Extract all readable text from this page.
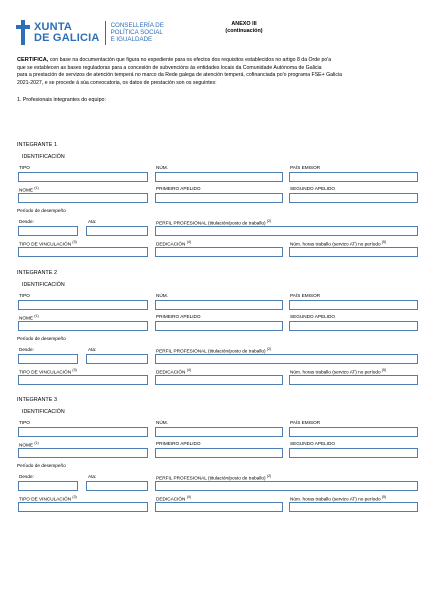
XUNTA
DE GALICIA
CONSELLERÍA DE
POLÍTICA SOCIAL
E IGUALDADE
ANEXO III
(continuación)
CERTIFICA, con base na documentación que figura no expediente para os efectos dos requisitos establecidos no artigo 8 da Orde po'a
que se establecen as bases reguladoras para a concesión de subvencións ás entidades locais da Comunidade Autónoma de Galicia
para a prestación de servizos de atención temperá no marco da Rede galega de atención temperá, cofinanciada po'o programa FSE+ Galicia
2021-2027, e se procede á súa convocatoria, os datos de prestación son os seguintes:
1. Profesionais integrantes do equipo:
INTEGRANTE 1
IDENTIFICACIÓN
TIPO	NÚM.	PAÍS EMISOR
NOME $^{(1)}$	PRIMEIRO APELIDO	SEGUNDO APELIDO
Período de desempeño
Desde:	Ata:	PERFIL PROFESIONAL (titulación/posto de traballo) $^{(2)}$
TIPO DE VINCULACIÓN $^{(3)}$	DEDICACIÓN $^{(4)}$	Núm. horas traballo (servizo AT) no período $^{(5)}$
INTEGRANTE 2
IDENTIFICACIÓN
TIPO	NÚM.	PAÍS EMISOR
NOME $^{(1)}$	PRIMEIRO APELIDO	SEGUNDO APELIDO
Período de desempeño
Desde:	Ata:	PERFIL PROFESIONAL (titulación/posto de traballo) $^{(2)}$
TIPO DE VINCULACIÓN $^{(3)}$	DEDICACIÓN $^{(4)}$	Núm. horas traballo (servizo AT) no período $^{(5)}$
INTEGRANTE 3
IDENTIFICACIÓN
TIPO	NÚM.	PAÍS EMISOR
NOME $^{(1)}$	PRIMEIRO APELIDO	SEGUNDO APELIDO
Período de desempeño
Desde:	Ata:	PERFIL PROFESIONAL (titulación/posto de traballo) $^{(2)}$
TIPO DE VINCULACIÓN $^{(3)}$	DEDICACIÓN $^{(4)}$	Núm. horas traballo (servizo AT) no período $^{(5)}$
